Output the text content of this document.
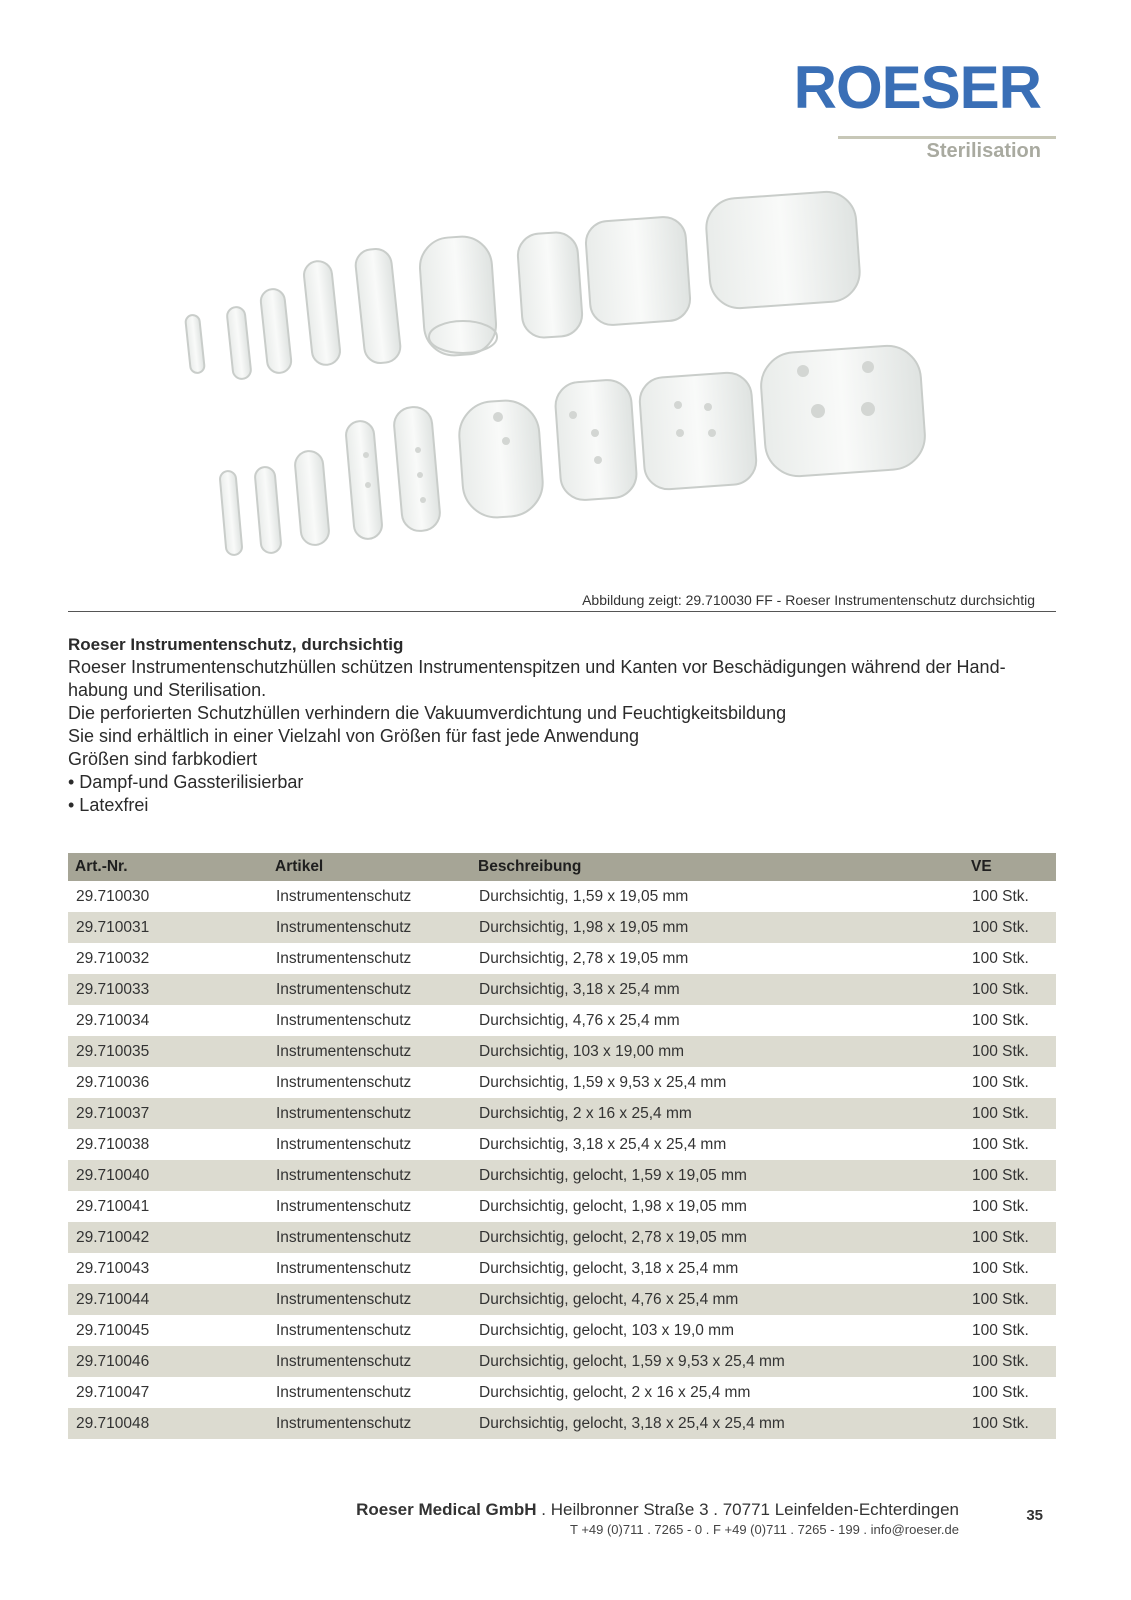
ROESER
Sterilisation
Abbildung zeigt: 29.710030 FF - Roeser Instrumentenschutz durchsichtig
Roeser Instrumentenschutz, durchsichtig
Roeser Instrumentenschutzhüllen schützen Instrumentenspitzen und Kanten vor Beschädigungen während der Hand-
habung und Sterilisation.
Die perforierten Schutzhüllen verhindern die Vakuumverdichtung und Feuchtigkeitsbildung
Sie sind erhältlich in einer Vielzahl von Größen für fast jede Anwendung
Größen sind farbkodiert
• Dampf-und Gassterilisierbar
• Latexfrei
Art.-Nr.	Artikel	Beschreibung	VE
29.710030	Instrumentenschutz	Durchsichtig, 1,59 x 19,05 mm	100 Stk.
29.710031	Instrumentenschutz	Durchsichtig, 1,98 x 19,05 mm	100 Stk.
29.710032	Instrumentenschutz	Durchsichtig, 2,78 x 19,05 mm	100 Stk.
29.710033	Instrumentenschutz	Durchsichtig, 3,18 x 25,4 mm	100 Stk.
29.710034	Instrumentenschutz	Durchsichtig, 4,76 x 25,4 mm	100 Stk.
29.710035	Instrumentenschutz	Durchsichtig, 103 x 19,00 mm	100 Stk.
29.710036	Instrumentenschutz	Durchsichtig, 1,59 x 9,53 x 25,4 mm	100 Stk.
29.710037	Instrumentenschutz	Durchsichtig, 2 x 16 x 25,4 mm	100 Stk.
29.710038	Instrumentenschutz	Durchsichtig, 3,18 x 25,4 x 25,4 mm	100 Stk.
29.710040	Instrumentenschutz	Durchsichtig, gelocht, 1,59 x 19,05 mm	100 Stk.
29.710041	Instrumentenschutz	Durchsichtig, gelocht, 1,98 x 19,05 mm	100 Stk.
29.710042	Instrumentenschutz	Durchsichtig, gelocht, 2,78 x 19,05 mm	100 Stk.
29.710043	Instrumentenschutz	Durchsichtig, gelocht, 3,18 x 25,4 mm	100 Stk.
29.710044	Instrumentenschutz	Durchsichtig, gelocht, 4,76 x 25,4 mm	100 Stk.
29.710045	Instrumentenschutz	Durchsichtig, gelocht, 103 x 19,0 mm	100 Stk.
29.710046	Instrumentenschutz	Durchsichtig, gelocht, 1,59 x 9,53 x 25,4 mm	100 Stk.
29.710047	Instrumentenschutz	Durchsichtig, gelocht, 2 x 16 x 25,4 mm	100 Stk.
29.710048	Instrumentenschutz	Durchsichtig, gelocht, 3,18 x 25,4 x 25,4 mm	100 Stk.
Roeser Medical GmbH . Heilbronner Straße 3 . 70771 Leinfelden-Echterdingen
T +49 (0)711 . 7265 - 0 . F +49 (0)711 . 7265 - 199 . info@roeser.de
35
